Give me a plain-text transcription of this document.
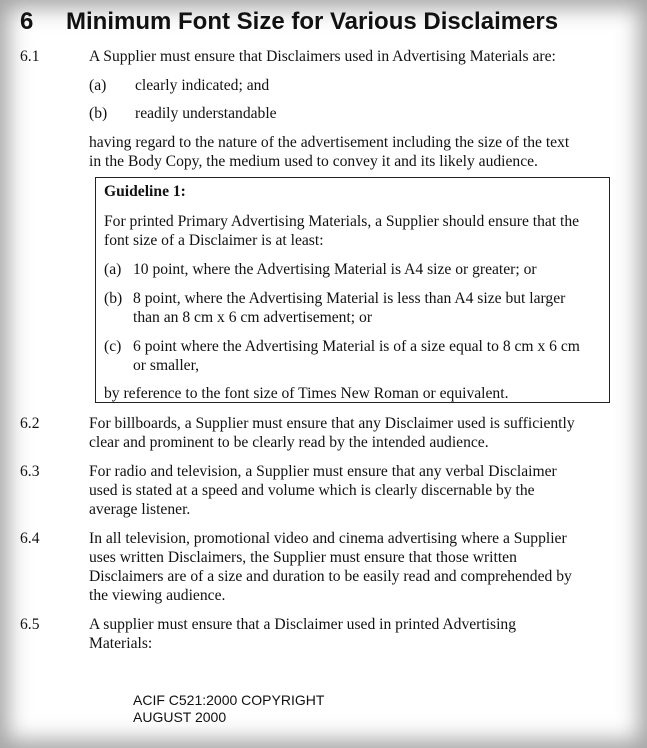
6 Minimum Font Size for Various Disclaimers
6.1	A Supplier must ensure that Disclaimers used in Advertising Materials are:
(a) clearly indicated; and
(b) readily understandable
having regard to the nature of the advertisement including the size of the text
in the Body Copy, the medium used to convey it and its likely audience.
Guideline 1:
For printed Primary Advertising Materials, a Supplier should ensure that the
font size of a Disclaimer is at least:
(a) 10 point, where the Advertising Material is A4 size or greater; or
(b) 8 point, where the Advertising Material is less than A4 size but larger
than an 8 cm x 6 cm advertisement; or
(c) 6 point where the Advertising Material is of a size equal to 8 cm x 6 cm
or smaller,
by reference to the font size of Times New Roman or equivalent.
6.2	For billboards, a Supplier must ensure that any Disclaimer used is sufficiently
clear and prominent to be clearly read by the intended audience.
6.3	For radio and television, a Supplier must ensure that any verbal Disclaimer
used is stated at a speed and volume which is clearly discernable by the
average listener.
6.4	In all television, promotional video and cinema advertising where a Supplier
uses written Disclaimers, the Supplier must ensure that those written
Disclaimers are of a size and duration to be easily read and comprehended by
the viewing audience.
6.5	A supplier must ensure that a Disclaimer used in printed Advertising
Materials:
ACIF C521:2000 COPYRIGHT
AUGUST 2000
